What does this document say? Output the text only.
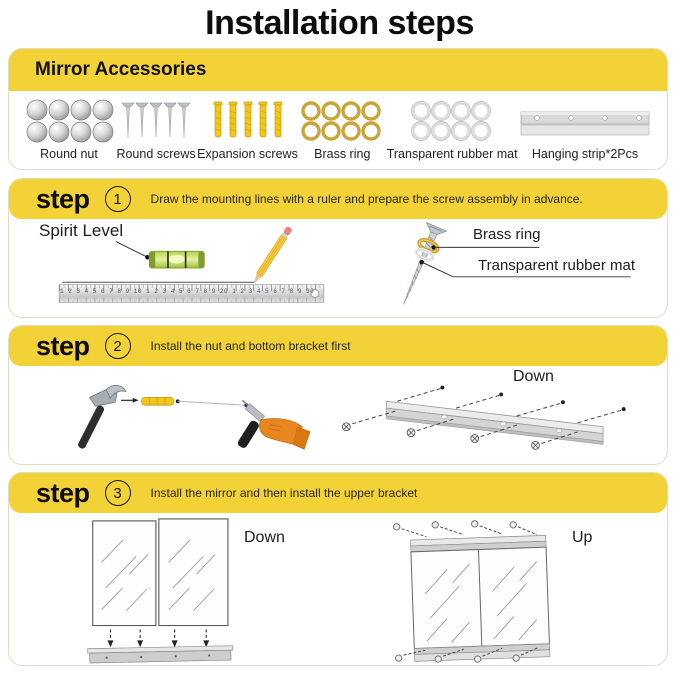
Installation steps
Mirror Accessories
Round nut Round screws Expansion screws Brass ring Transparent rubber mat Hanging strip*2Pcs
step	1	Draw the mounting lines with a ruler and prepare the screw assembly in advance.
Spirit Level	Brass ring
Transparent rubber mat
1 2 3 4 5 6 7 8 9 10 1 2 3 4 5 6 7 8 9 20 1 2 3 4 5 6 7 8 9 30
step	2	Install the nut and bottom bracket first
Down
step	3	Install the mirror and then install the upper bracket
Down	Up
